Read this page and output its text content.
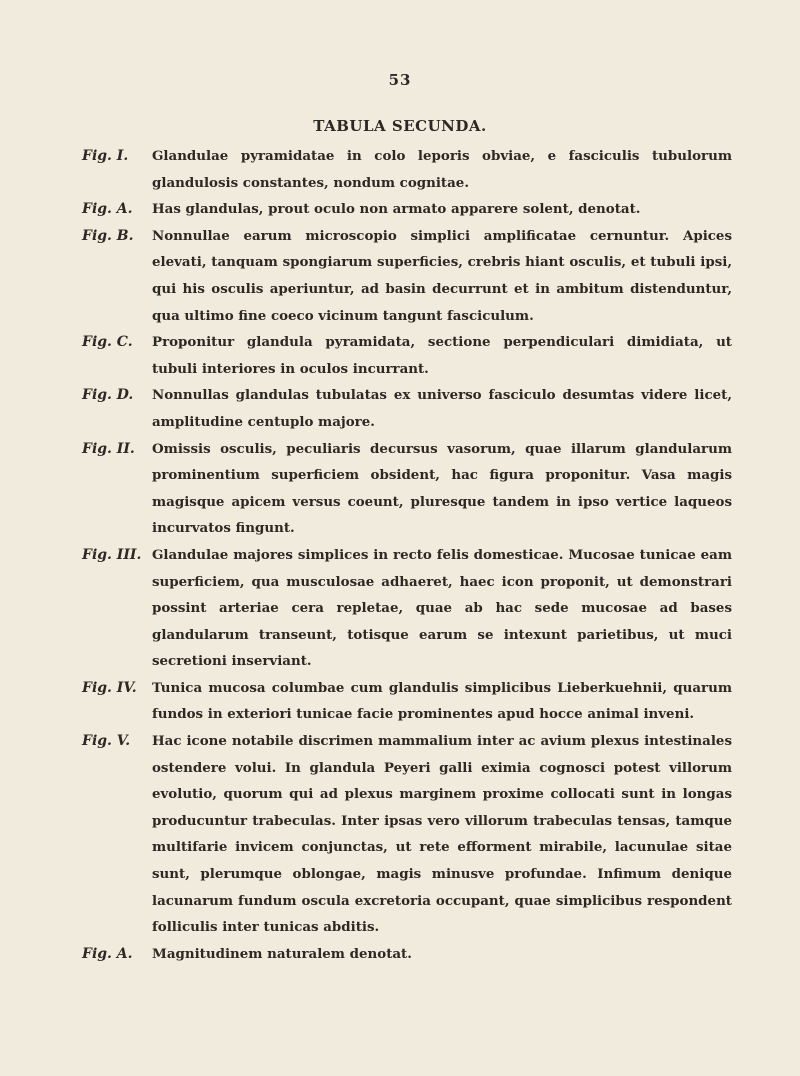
53
TABULA SECUNDA.
Fig. I.	Glandulae pyramidatae in colo leporis obviae, e fasciculis tubulorum glandulosis constantes, nondum cognitae.
Fig. A.	Has glandulas, prout oculo non armato apparere solent, denotat.
Fig. B.	Nonnullae earum microscopio simplici amplificatae cernuntur. Apices elevati, tanquam spongiarum superficies, crebris hiant osculis, et tubuli ipsi, qui his osculis aperiuntur, ad basin decurrunt et in ambitum distenduntur, qua ultimo fine coeco vicinum tangunt fasciculum.
Fig. C.	Proponitur glandula pyramidata, sectione perpendiculari dimidiata, ut tubuli interiores in oculos incurrant.
Fig. D.	Nonnullas glandulas tubulatas ex universo fasciculo desumtas videre licet, amplitudine centuplo majore.
Fig. II.	Omissis osculis, peculiaris decursus vasorum, quae illarum glandularum prominentium superficiem obsident, hac figura proponitur. Vasa magis magisque apicem versus coeunt, pluresque tandem in ipso vertice laqueos incurvatos fingunt.
Fig. III. Glandulae majores simplices in recto felis domesticae. Mucosae tunicae eam superficiem, qua musculosae adhaeret, haec icon proponit, ut demonstrari possint arteriae cera repletae, quae ab hac sede mucosae ad bases glandularum transeunt, totisque earum se intexunt parietibus, ut muci secretioni inserviant.
Fig. IV.	Tunica mucosa columbae cum glandulis simplicibus Lieberkuehnii, quarum fundos in exteriori tunicae facie prominentes apud hocce animal inveni.
Fig. V.	Hac icone notabile discrimen mammalium inter ac avium plexus intestinales ostendere volui. In glandula Peyeri galli eximia cognosci potest villorum evolutio, quorum qui ad plexus marginem proxime collocati sunt in longas producuntur trabeculas. Inter ipsas vero villorum trabeculas tensas, tamque multifarie invicem conjunctas, ut rete efforment mirabile, lacunulae sitae sunt, plerumque oblongae, magis minusve profundae. Infimum denique lacunarum fundum oscula excretoria occupant, quae simplicibus respondent folliculis inter tunicas abditis.
Fig. A.	Magnitudinem naturalem denotat.
